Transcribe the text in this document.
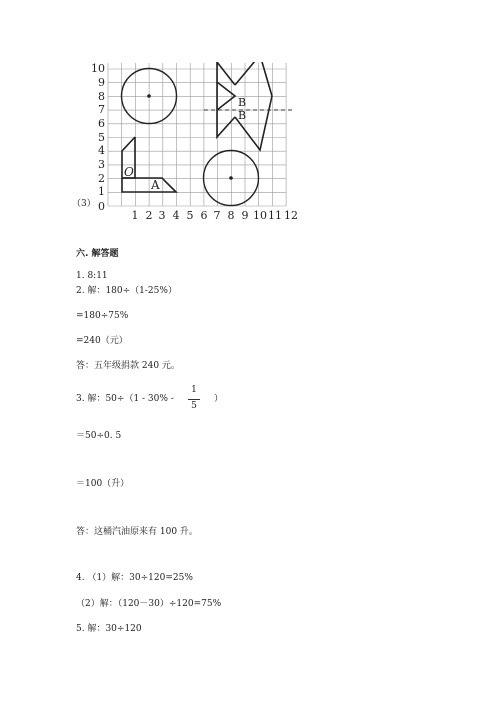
10
9
8
7
6
5
4
3
2
1
0
1 2 3 4 5 6 7 8 9 10 11 12
O
A
B
B
（3）
六. 解答题
1. 8:11
2. 解：180÷（1-25%）
=180÷75%
=240（元）
答：五年级捐款 240 元。
3. 解：50÷（1 - 30% -
1
5
）
＝50÷0. 5
＝100（升）
答：这桶汽油原来有 100 升。
4. （1）解：30÷120=25%
（2）解：（120－30）÷120=75%
5. 解：30÷120
